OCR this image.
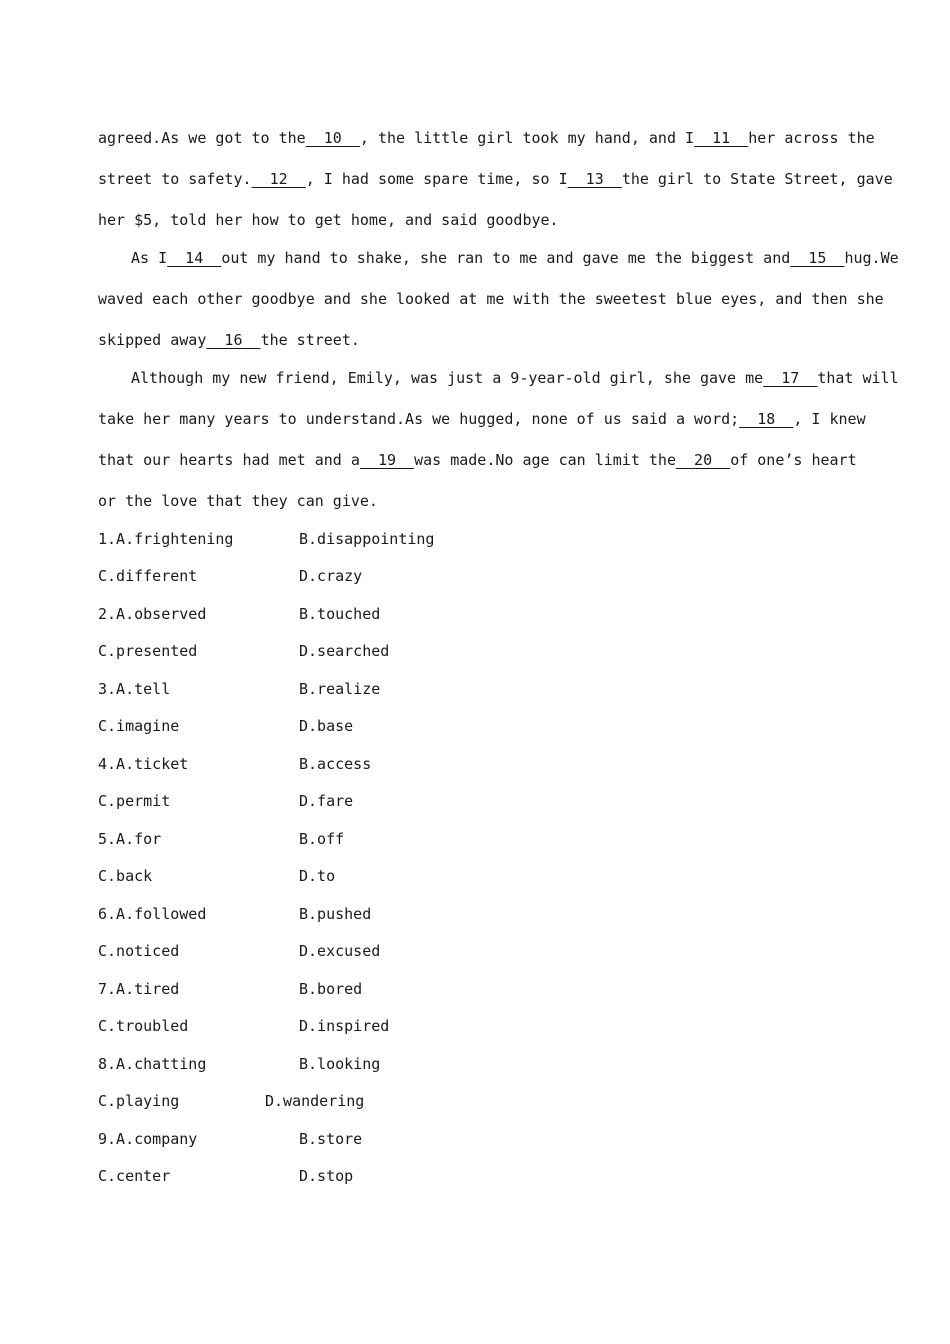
agreed.As we got to the  10  , the little girl took my hand, and I  11  her across the
street to safety.  12  , I had some spare time, so I  13  the girl to State Street, gave
her $5, told her how to get home, and said goodbye.
As I  14  out my hand to shake, she ran to me and gave me the biggest and  15  hug.We
waved each other goodbye and she looked at me with the sweetest blue eyes, and then she
skipped away  16  the street.
Although my new friend, Emily, was just a 9-year-old girl, she gave me  17  that will
take her many years to understand.As we hugged, none of us said a word;  18  , I knew
that our hearts had met and a  19  was made.No age can limit the  20  of one’s heart
or the love that they can give.
1.A.frightening	B.disappointing
C.different	D.crazy
2.A.observed	B.touched
C.presented	D.searched
3.A.tell	B.realize
C.imagine	D.base
4.A.ticket	B.access
C.permit	D.fare
5.A.for	B.off
C.back	D.to
6.A.followed	B.pushed
C.noticed	D.excused
7.A.tired	B.bored
C.troubled	D.inspired
8.A.chatting	B.looking
C.playing	D.wandering
9.A.company	B.store
C.center	D.stop
